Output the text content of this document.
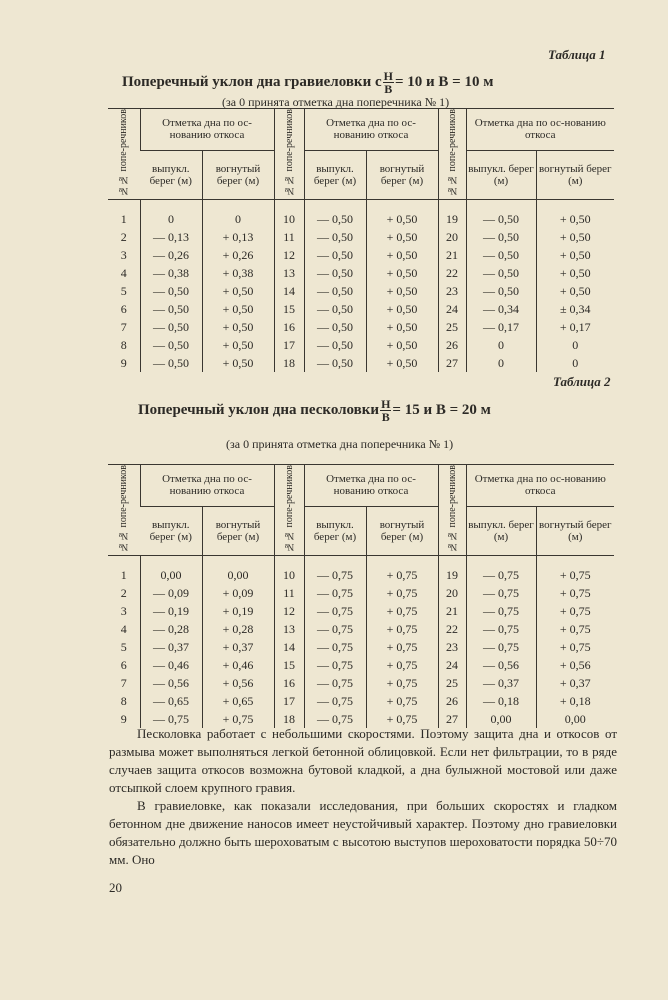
Таблица 1
Поперечный уклон дна гравиеловки с $\frac{H}{B} = 10$ и В = 10 м
(за 0 принята отметка дна поперечника № 1)
№№ попе-речников	Отметка дна по ос-нованию откоса		№№ попе-речников	Отметка дна по ос-нованию откоса		№№ попе-речников	Отметка дна по ос-нованию откоса	
	выпукл. берег (м)	вогнутый берег (м)		выпукл. берег (м)	вогнутый берег (м)		выпукл. берег (м)	вогнутый берег (м)
1	0	0	10	— 0,50	+ 0,50	19	— 0,50	+ 0,50
2	— 0,13	+ 0,13	11	— 0,50	+ 0,50	20	— 0,50	+ 0,50
3	— 0,26	+ 0,26	12	— 0,50	+ 0,50	21	— 0,50	+ 0,50
4	— 0,38	+ 0,38	13	— 0,50	+ 0,50	22	— 0,50	+ 0,50
5	— 0,50	+ 0,50	14	— 0,50	+ 0,50	23	— 0,50	+ 0,50
6	— 0,50	+ 0,50	15	— 0,50	+ 0,50	24	— 0,34	± 0,34
7	— 0,50	+ 0,50	16	— 0,50	+ 0,50	25	— 0,17	+ 0,17
8	— 0,50	+ 0,50	17	— 0,50	+ 0,50	26	0	0
9	— 0,50	+ 0,50	18	— 0,50	+ 0,50	27	0	0
Таблица 2
Поперечный уклон дна песколовки $\frac{H}{B} = 15$ и В = 20 м
(за 0 принята отметка дна поперечника № 1)
№№ попе-речников	Отметка дна по ос-нованию откоса		№№ попе-речников	Отметка дна по ос-нованию откоса		№№ попе-речников	Отметка дна по ос-нованию откоса	
	выпукл. берег (м)	вогнутый берег (м)		выпукл. берег (м)	вогнутый берег (м)		выпукл. берег (м)	вогнутый берег (м)
1	0,00	0,00	10	— 0,75	+ 0,75	19	— 0,75	+ 0,75
2	— 0,09	+ 0,09	11	— 0,75	+ 0,75	20	— 0,75	+ 0,75
3	— 0,19	+ 0,19	12	— 0,75	+ 0,75	21	— 0,75	+ 0,75
4	— 0,28	+ 0,28	13	— 0,75	+ 0,75	22	— 0,75	+ 0,75
5	— 0,37	+ 0,37	14	— 0,75	+ 0,75	23	— 0,75	+ 0,75
6	— 0,46	+ 0,46	15	— 0,75	+ 0,75	24	— 0,56	+ 0,56
7	— 0,56	+ 0,56	16	— 0,75	+ 0,75	25	— 0,37	+ 0,37
8	— 0,65	+ 0,65	17	— 0,75	+ 0,75	26	— 0,18	+ 0,18
9	— 0,75	+ 0,75	18	— 0,75	+ 0,75	27	0,00	0,00

Песколовка работает с небольшими скоростями. Поэтому защита дна и откосов от размыва может выполняться легкой бетонной облицовкой. Если нет фильтрации, то в ряде случаев защита откосов возможна бутовой кладкой, а дна булыжной мостовой или даже отсыпкой слоем крупного гравия.

В гравиеловке, как показали исследования, при больших скоростях и гладком бетонном дне движение наносов имеет неустойчивый характер. Поэтому дно гравиеловки обязательно должно быть шероховатым с высотою выступов шероховатости порядка 50÷70 мм. Оно

20
